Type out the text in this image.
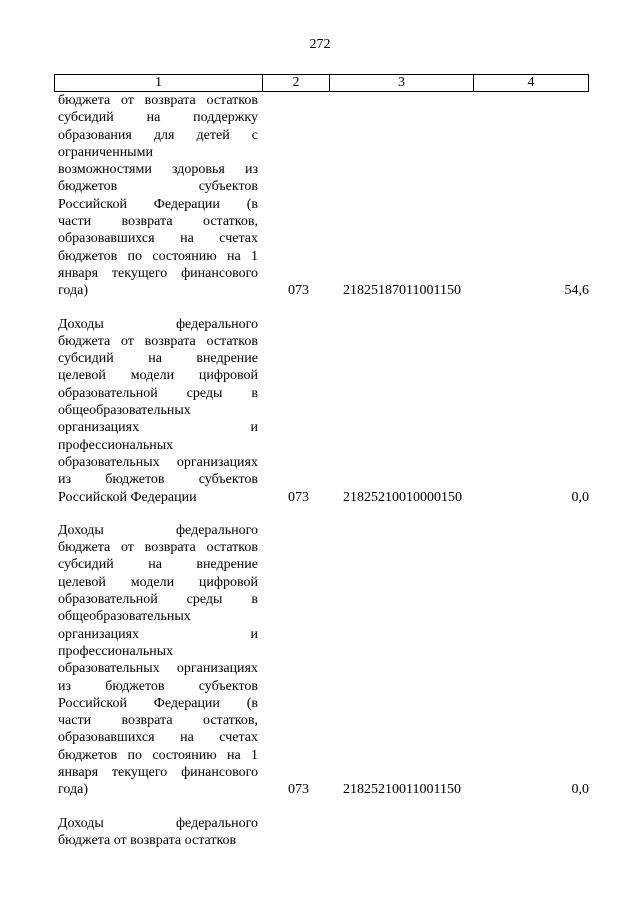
272
1	2	3	4
бюджета от возврата остатков
субсидий на поддержку
образования для детей с
ограниченными
возможностями здоровья из
бюджетов субъектов
Российской Федерации (в
части возврата остатков,
образовавшихся на счетах
бюджетов по состоянию на 1
января текущего финансового
года)	073 21825187011001150	54,6
Доходы федерального
бюджета от возврата остатков
субсидий на внедрение
целевой модели цифровой
образовательной среды в
общеобразовательных
организациях и
профессиональных
образовательных организациях
из бюджетов субъектов
Российской Федерации	073 21825210010000150	0,0
Доходы федерального
бюджета от возврата остатков
субсидий на внедрение
целевой модели цифровой
образовательной среды в
общеобразовательных
организациях и
профессиональных
образовательных организациях
из бюджетов субъектов
Российской Федерации (в
части возврата остатков,
образовавшихся на счетах
бюджетов по состоянию на 1
января текущего финансового
года)	073 21825210011001150	0,0
Доходы федерального
бюджета от возврата остатков
